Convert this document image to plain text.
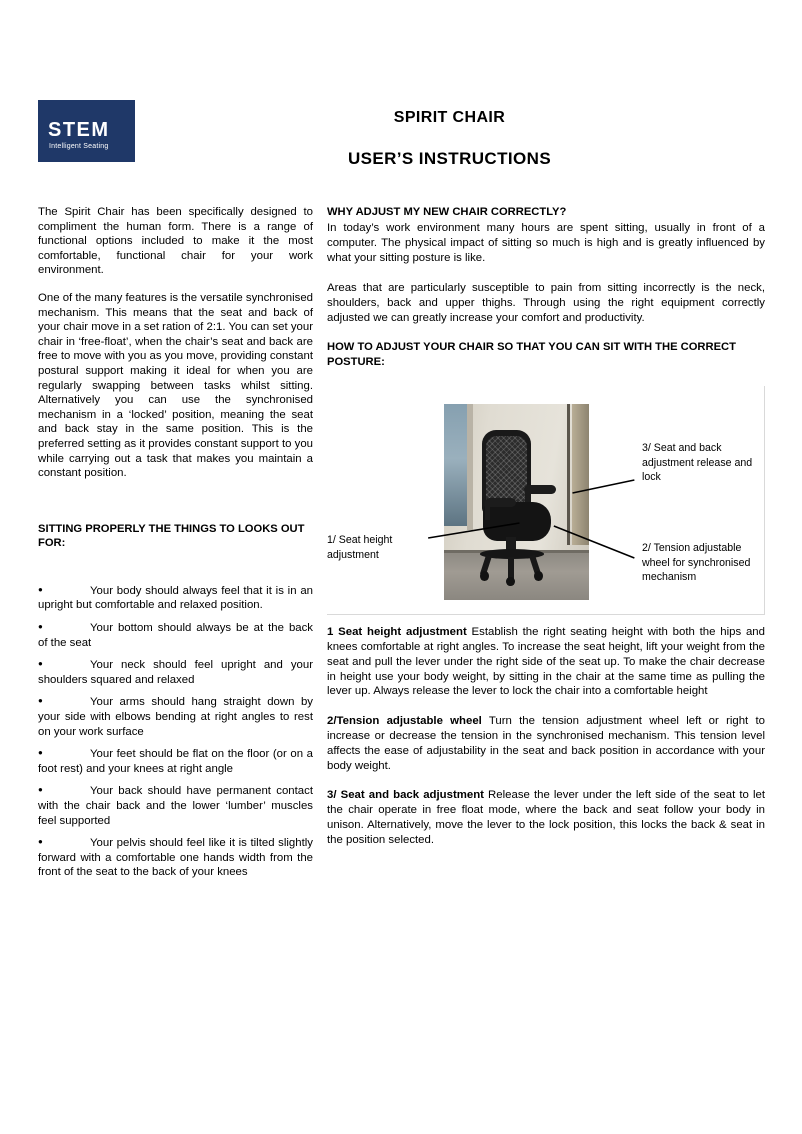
STEM
Intelligent Seating
SPIRIT CHAIR
USER’S INSTRUCTIONS

The Spirit Chair has been specifically designed to compliment the human form. There is a range of functional options included to make it the most comfortable, functional chair for your work environment.

One of the many features is the versatile synchronised mechanism. This means that the seat and back of your chair move in a set ration of 2:1. You can set your chair in ‘free-float’, when the chair’s seat and back are free to move with you as you move, providing constant postural support making it ideal for when you are regularly swapping between tasks whilst sitting. Alternatively you can use the synchronised mechanism in a ‘locked’ position, meaning the seat and back stay in the same position. This is the preferred setting as it provides constant support to you while carrying out a task that makes you maintain a constant position.

SITTING PROPERLY THE THINGS TO LOOKS OUT FOR:

●Your body should always feel that it is in an upright but comfortable and relaxed position.
●Your bottom should always be at the back of the seat
●Your neck should feel upright and your shoulders squared and relaxed
●Your arms should hang straight down by your side with elbows bending at right angles to rest on your work surface
●Your feet should be flat on the floor (or on a foot rest) and your knees at right angle
●Your back should have permanent contact with the chair back and the lower ‘lumber’ muscles feel supported
●Your pelvis should feel like it is tilted slightly forward with a comfortable one hands width from the front of the seat to the back of your knees

WHY ADJUST MY NEW CHAIR CORRECTLY?

In today’s work environment many hours are spent sitting, usually in front of a computer. The physical impact of sitting so much is high and is greatly influenced by what your sitting posture is like.

Areas that are particularly susceptible to pain from sitting incorrectly is the neck, shoulders, back and upper thighs. Through using the right equipment correctly adjusted we can greatly increase your comfort and productivity.

HOW TO ADJUST YOUR CHAIR SO THAT YOU CAN SIT WITH THE CORRECT POSTURE:

1/ Seat height adjustment
2/ Tension adjustable wheel for synchronised mechanism
3/ Seat and back adjustment release and lock

1 Seat height adjustment Establish the right seating height with both the hips and knees comfortable at right angles. To increase the seat height, lift your weight from the seat and pull the lever under the right side of the seat up. To make the chair decrease in height use your body weight, by sitting in the chair at the same time as pulling the lever up. Always release the lever to lock the chair into a comfortable height

2/Tension adjustable wheel Turn the tension adjustment wheel left or right to increase or decrease the tension in the synchronised mechanism. This tension level affects the ease of adjustability in the seat and back position in accordance with your body weight.

3/ Seat and back adjustment Release the lever under the left side of the seat to let the chair operate in free float mode, where the back and seat follow your body in unison. Alternatively, move the lever to the lock position, this locks the back & seat in the position selected.
